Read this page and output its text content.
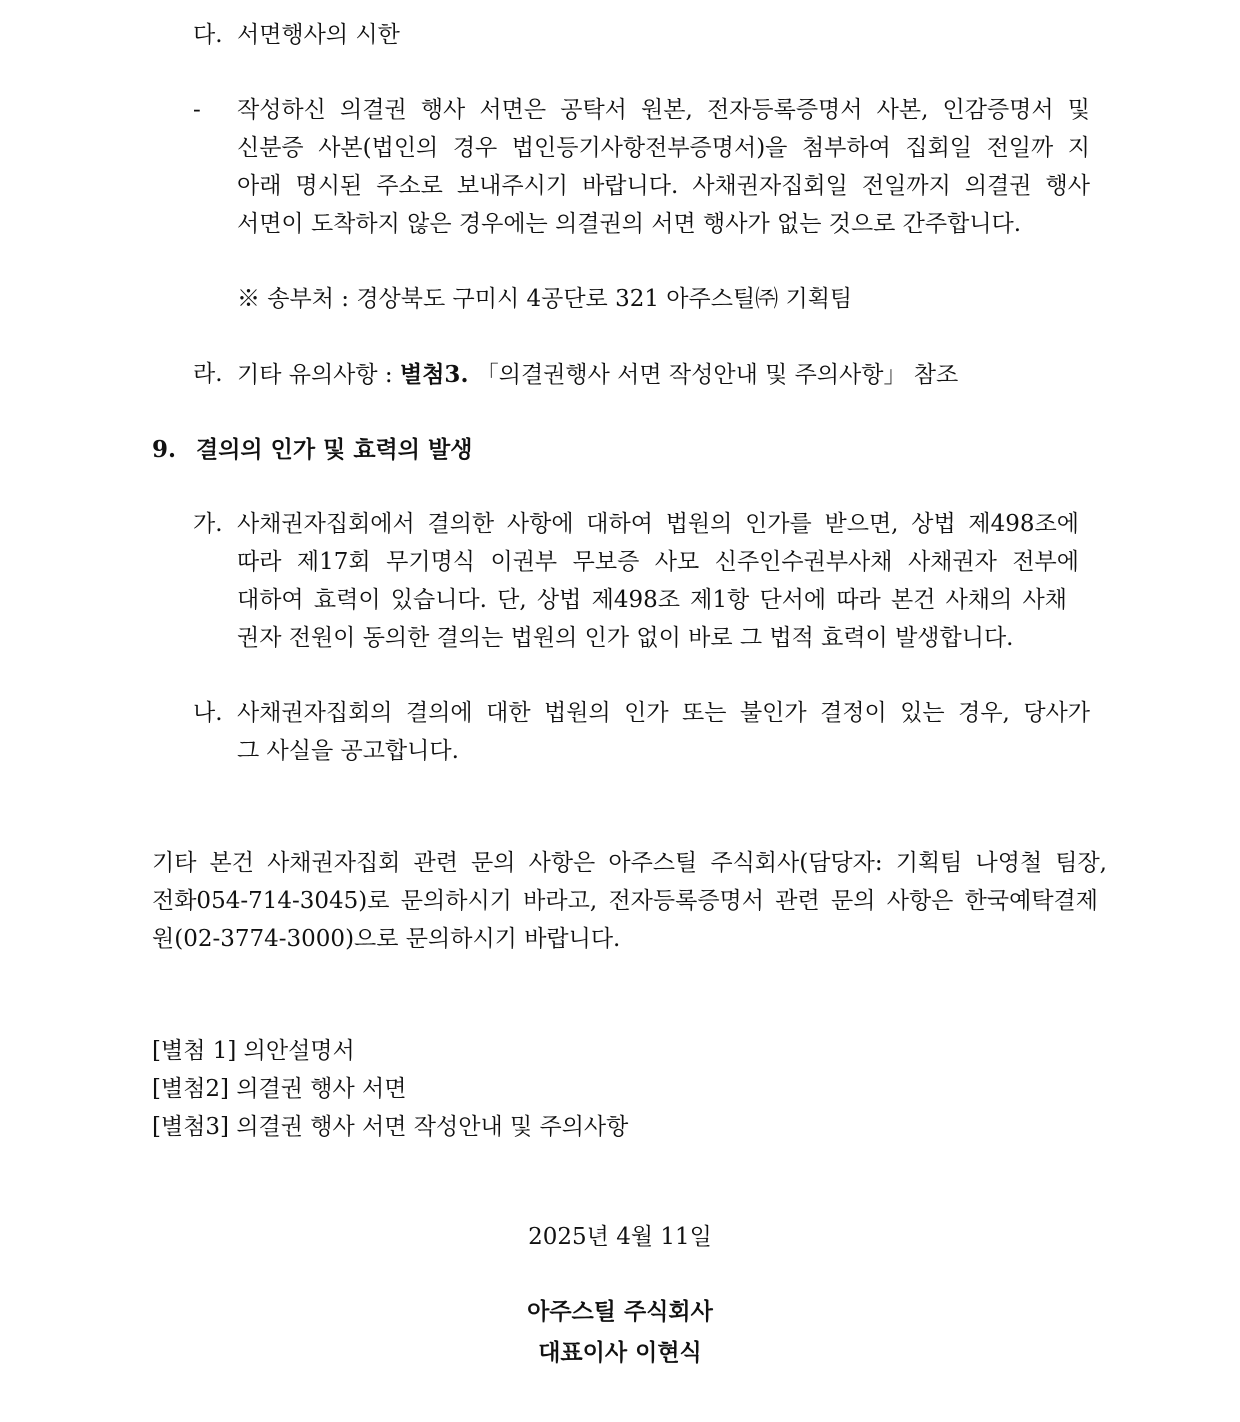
다. 서면행사의 시한
- 작성하신 의결권 행사 서면은 공탁서 원본, 전자등록증명서 사본, 인감증명서 및
신분증 사본(법인의 경우 법인등기사항전부증명서)을 첨부하여 집회일 전일까 지
아래 명시된 주소로 보내주시기 바랍니다. 사채권자집회일 전일까지 의결권 행사
서면이 도착하지 않은 경우에는 의결권의 서면 행사가 없는 것으로 간주합니다.
※ 송부처 : 경상북도 구미시 4공단로 321 아주스틸㈜ 기획팀
라. 기타 유의사항 : 별첨3. 「의결권행사 서면 작성안내 및 주의사항」 참조
9. 결의의 인가 및 효력의 발생
가. 사채권자집회에서 결의한 사항에 대하여 법원의 인가를 받으면, 상법 제498조에
따라 제17회 무기명식 이권부 무보증 사모 신주인수권부사채 사채권자 전부에
대하여 효력이 있습니다. 단, 상법 제498조 제1항 단서에 따라 본건 사채의 사채
권자 전원이 동의한 결의는 법원의 인가 없이 바로 그 법적 효력이 발생합니다.
나. 사채권자집회의 결의에 대한 법원의 인가 또는 불인가 결정이 있는 경우, 당사가
그 사실을 공고합니다.
기타 본건 사채권자집회 관련 문의 사항은 아주스틸 주식회사(담당자: 기획팀 나영철 팀장,
전화054-714-3045)로 문의하시기 바라고, 전자등록증명서 관련 문의 사항은 한국예탁결제
원(02-3774-3000)으로 문의하시기 바랍니다.
[별첨 1] 의안설명서
[별첨2] 의결권 행사 서면
[별첨3] 의결권 행사 서면 작성안내 및 주의사항
2025년 4월 11일
아주스틸 주식회사
대표이사 이현식
